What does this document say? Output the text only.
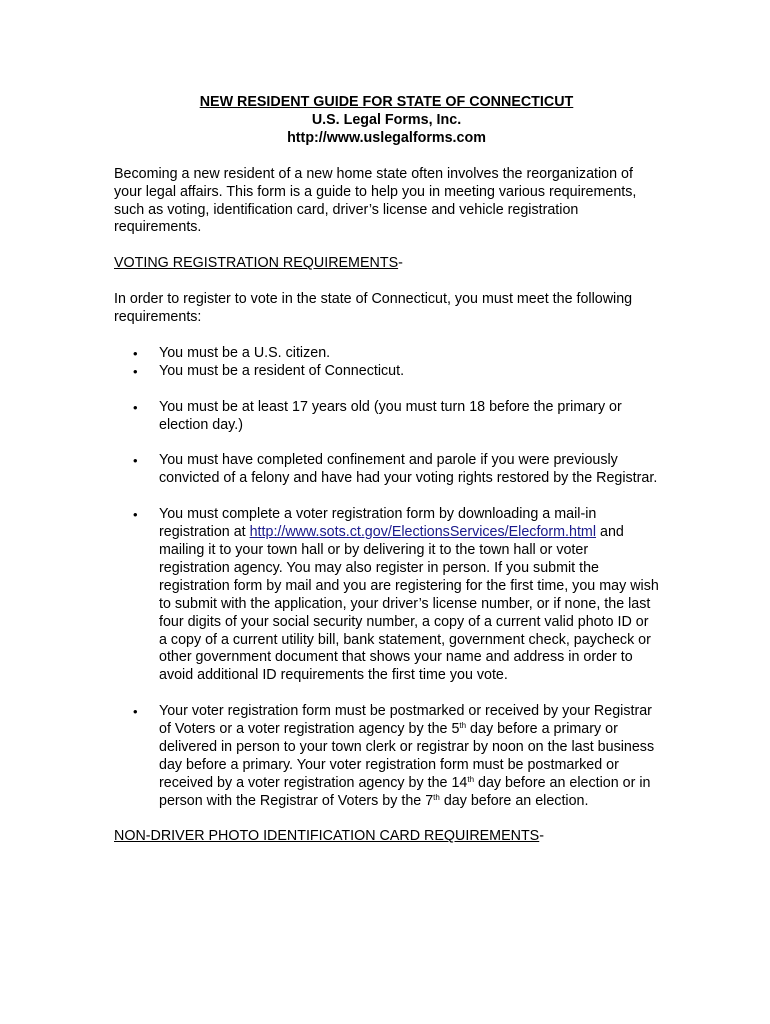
NEW RESIDENT GUIDE FOR STATE OF CONNECTICUT
U.S. Legal Forms, Inc.
http://www.uslegalforms.com

Becoming a new resident of a new home state often involves the reorganization of your legal affairs. This form is a guide to help you in meeting various requirements, such as voting, identification card, driver’s license and vehicle registration requirements.

VOTING REGISTRATION REQUIREMENTS-

In order to register to vote in the state of Connecticut, you must meet the following requirements:

• You must be a U.S. citizen.
• You must be a resident of Connecticut.
• You must be at least 17 years old (you must turn 18 before the primary or election day.)
• You must have completed confinement and parole if you were previously convicted of a felony and have had your voting rights restored by the Registrar.
• You must complete a voter registration form by downloading a mail-in registration at http://www.sots.ct.gov/ElectionsServices/Elecform.html and mailing it to your town hall or by delivering it to the town hall or voter registration agency. You may also register in person. If you submit the registration form by mail and you are registering for the first time, you may wish to submit with the application, your driver’s license number, or if none, the last four digits of your social security number, a copy of a current valid photo ID or a copy of a current utility bill, bank statement, government check, paycheck or other government document that shows your name and address in order to avoid additional ID requirements the first time you vote.
• Your voter registration form must be postmarked or received by your Registrar of Voters or a voter registration agency by the 5th day before a primary or delivered in person to your town clerk or registrar by noon on the last business day before a primary. Your voter registration form must be postmarked or received by a voter registration agency by the 14th day before an election or in person with the Registrar of Voters by the 7th day before an election.

NON-DRIVER PHOTO IDENTIFICATION CARD REQUIREMENTS-
